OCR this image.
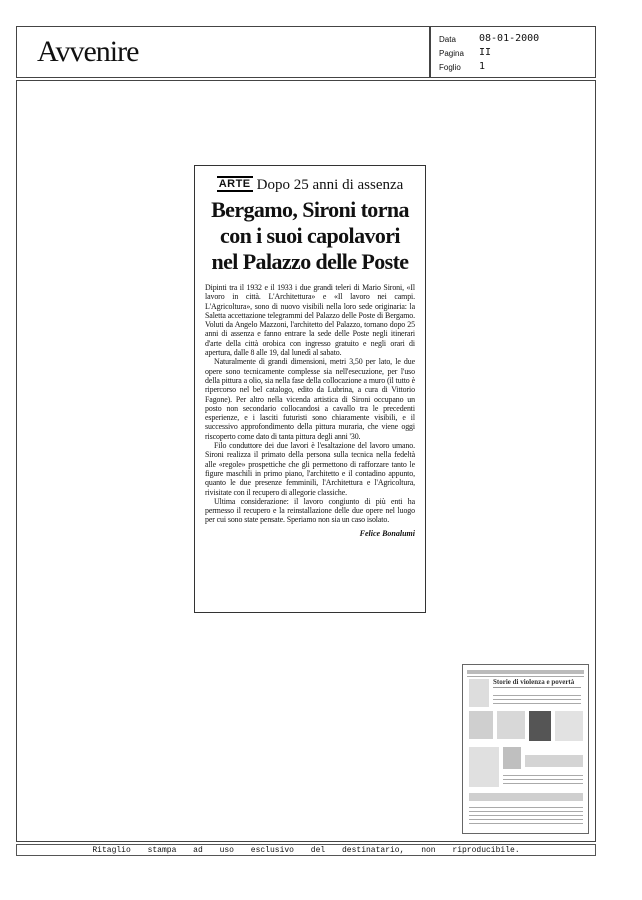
Avvenire	Data 08-01-2000
Pagina II
Foglio 1
ARTE Dopo 25 anni di assenza
Bergamo, Sironi torna
con i suoi capolavori
nel Palazzo delle Poste

Dipinti tra il 1932 e il 1933 i due grandi teleri di Mario Sironi, «Il lavoro in città. L'Architettura» e «Il lavoro nei campi. L'Agricoltura», sono di nuovo visibili nella loro sede originaria: la Saletta accettazione telegrammi del Palazzo delle Poste di Bergamo. Voluti da Angelo Mazzoni, l'architetto del Palazzo, tornano dopo 25 anni di assenza e fanno entrare la sede delle Poste negli itinerari d'arte della città orobica con ingresso gratuito e negli orari di apertura, dalle 8 alle 19, dal lunedì al sabato.

Naturalmente di grandi dimensioni, metri 3,50 per lato, le due opere sono tecnicamente complesse sia nell'esecuzione, per l'uso della pittura a olio, sia nella fase della collocazione a muro (il tutto è ripercorso nel bel catalogo, edito da Lubrina, a cura di Vittorio Fagone). Per altro nella vicenda artistica di Sironi occupano un posto non secondario collocandosi a cavallo tra le precedenti esperienze, e i lasciti futuristi sono chiaramente visibili, e il successivo approfondimento della pittura muraria, che viene oggi riscoperto come dato di tanta pittura degli anni '30.

Filo conduttore dei due lavori è l'esaltazione del lavoro umano. Sironi realizza il primato della persona sulla tecnica nella fedeltà alle «regole» prospettiche che gli permettono di rafforzare tanto le figure maschili in primo piano, l'architetto e il contadino appunto, quanto le due presenze femminili, l'Architettura e l'Agricoltura, rivisitate con il recupero di allegorie classiche.

Ultima considerazione: il lavoro congiunto di più enti ha permesso il recupero e la reinstallazione delle due opere nel luogo per cui sono state pensate. Speriamo non sia un caso isolato.

Felice Bonalumi
Storie di violenza e povertà
Ritaglio stampa ad uso esclusivo del destinatario, non riproducibile.
